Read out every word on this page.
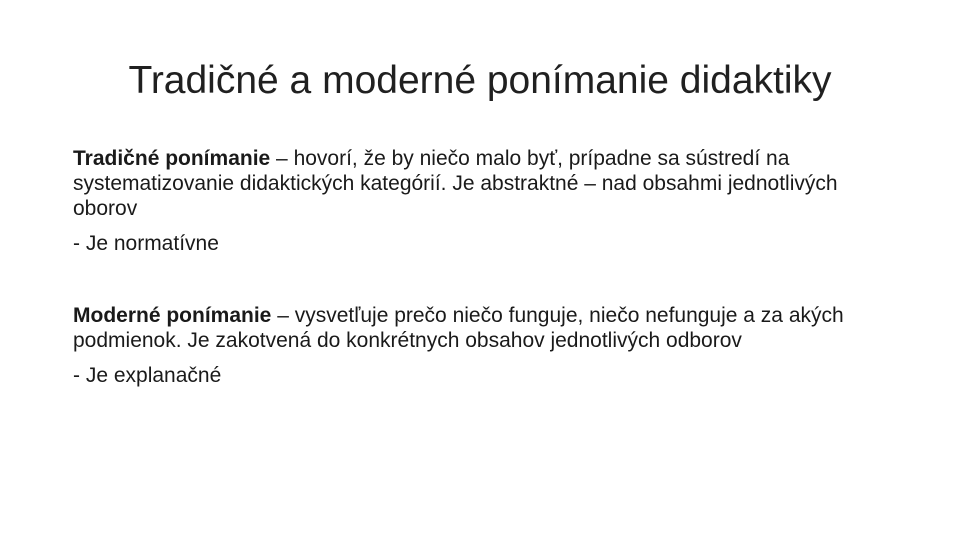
Tradičné a moderné ponímanie didaktiky

Tradičné ponímanie – hovorí, že by niečo malo byť, prípadne sa sústredí na systematizovanie didaktických kategórií. Je abstraktné – nad obsahmi jednotlivých oborov

- Je normatívne

Moderné ponímanie – vysvetľuje prečo niečo funguje, niečo nefunguje a za akých podmienok. Je zakotvená do konkrétnych obsahov jednotlivých odborov

- Je explanačné
